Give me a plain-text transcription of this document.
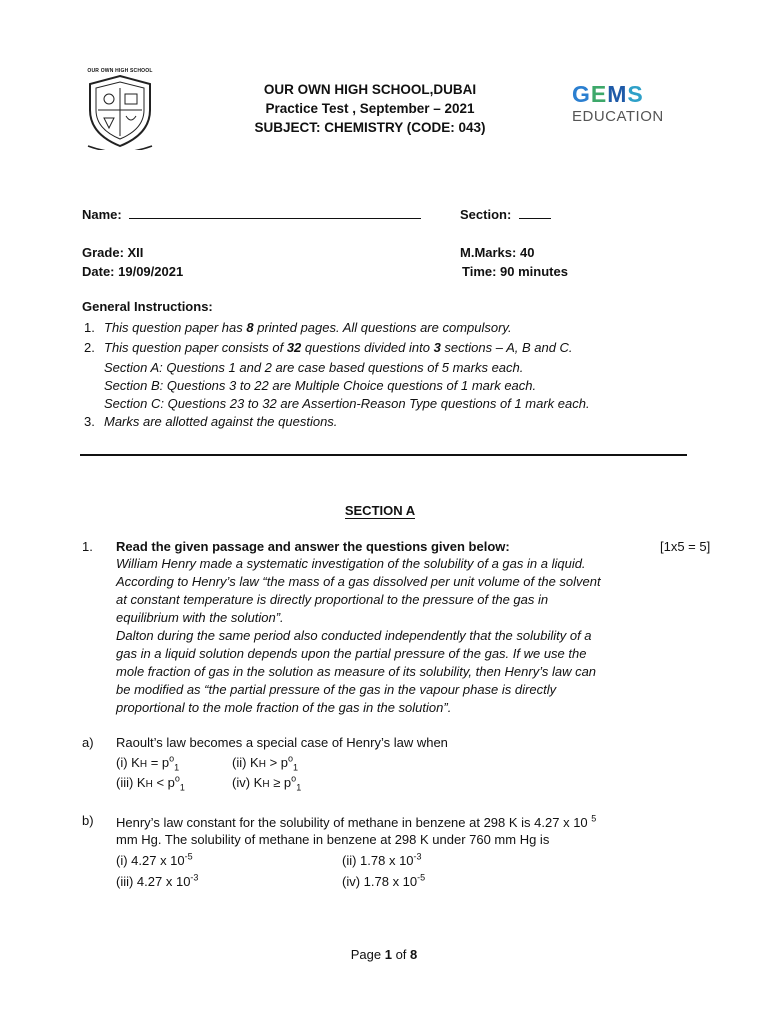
OUR OWN HIGH SCHOOL
OUR OWN HIGH SCHOOL,DUBAI
Practice Test , September – 2021
SUBJECT: CHEMISTRY (CODE: 043)
GEMS
EDUCATION
Name:	Section:
Grade: XII	M.Marks: 40
Date: 19/09/2021	Time: 90 minutes
General Instructions:
1. This question paper has 8 printed pages. All questions are compulsory.
2. This question paper consists of 32 questions divided into 3 sections – A, B and C.
Section A: Questions 1 and 2 are case based questions of 5 marks each.
Section B: Questions 3 to 22 are Multiple Choice questions of 1 mark each.
Section C: Questions 23 to 32 are Assertion-Reason Type questions of 1 mark each.
3. Marks are allotted against the questions.
SECTION A
1. Read the given passage and answer the questions given below:	[1x5 = 5]
William Henry made a systematic investigation of the solubility of a gas in a liquid.
According to Henry’s law “the mass of a gas dissolved per unit volume of the solvent
at constant temperature is directly proportional to the pressure of the gas in
equilibrium with the solution”.
Dalton during the same period also conducted independently that the solubility of a
gas in a liquid solution depends upon the partial pressure of the gas. If we use the
mole fraction of gas in the solution as measure of its solubility, then Henry’s law can
be modified as “the partial pressure of the gas in the vapour phase is directly
proportional to the mole fraction of the gas in the solution”.
a) Raoult’s law becomes a special case of Henry’s law when
(i) KH = $p^o_1$	(ii) KH > $p^o_1$
(iii) KH < $p^o_1$	(iv) KH ≥ $p^o_1$
b) Henry’s law constant for the solubility of methane in benzene at 298 K is 4.27 x 10 $^5$
mm Hg. The solubility of methane in benzene at 298 K under 760 mm Hg is
(i) 4.27 x $10^{-5}$	(ii) 1.78 x $10^{-3}$
(iii) 4.27 x $10^{-3}$	(iv) 1.78 x $10^{-5}$
Page 1 of 8
